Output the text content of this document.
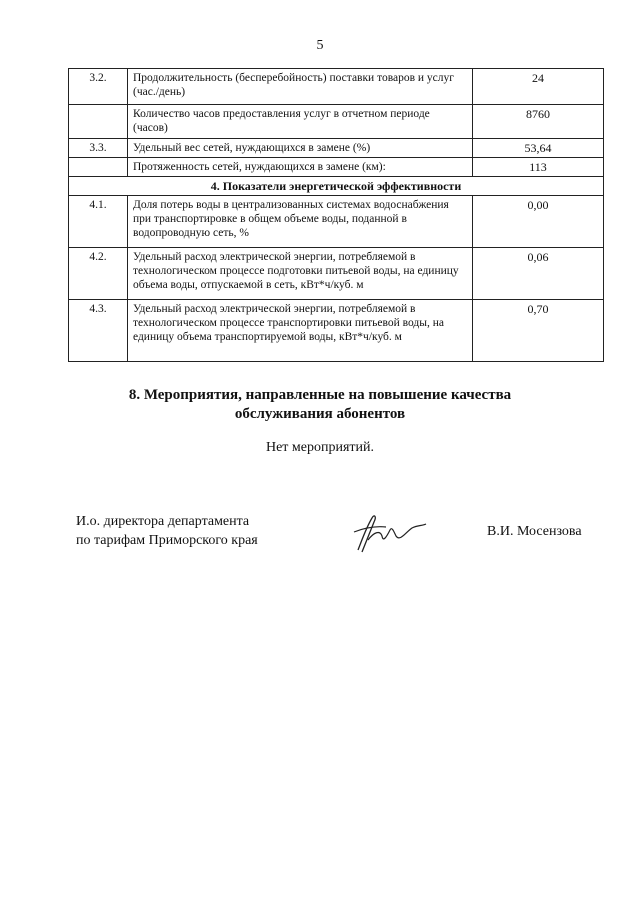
5
3.2.	Продолжительность (бесперебойность) поставки товаров и услуг (час./день)	24
	Количество часов предоставления услуг в отчетном периоде (часов)	8760
3.3.	Удельный вес сетей, нуждающихся в замене (%)	53,64
	Протяженность сетей, нуждающихся в замене (км):	113
4. Показатели энергетической эффективности		
4.1.	Доля потерь воды в централизованных системах водоснабжения при транспортировке в общем объеме воды, поданной в водопроводную сеть, %	0,00
4.2.	Удельный расход электрической энергии, потребляемой в технологическом процессе подготовки питьевой воды, на единицу объема воды, отпускаемой в сеть, кВт*ч/куб. м	0,06
4.3.	Удельный расход электрической энергии, потребляемой в технологическом процессе транспортировки питьевой воды, на единицу объема транспортируемой воды, кВт*ч/куб. м	0,70
8. Мероприятия, направленные на повышение качества
обслуживания абонентов
Нет мероприятий.
И.о. директора департамента
по тарифам Приморского края
В.И. Мосензова
